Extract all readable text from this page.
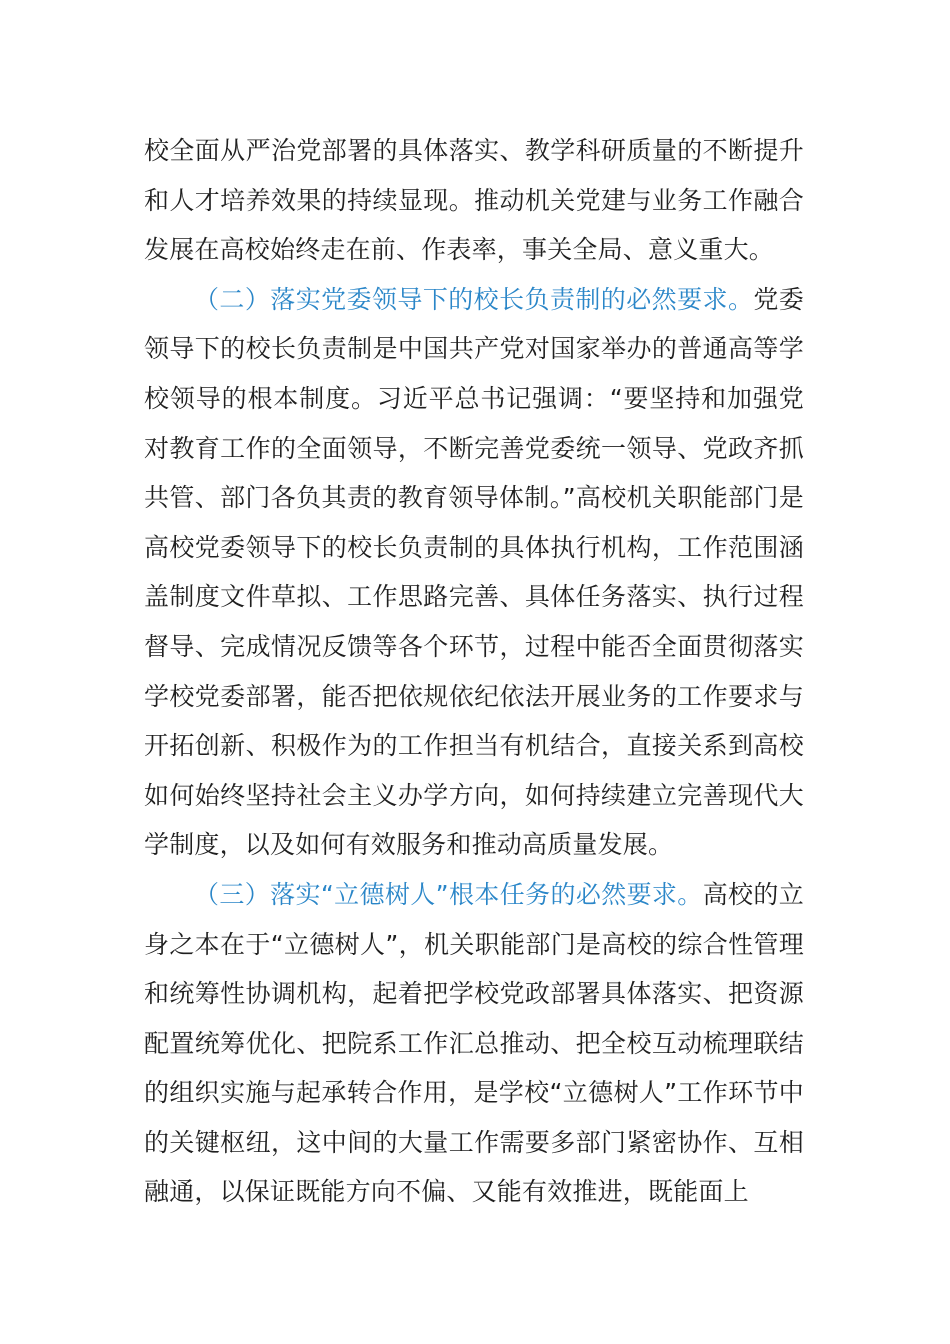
校全面从严治党部署的具体落实、教学科研质量的不断提升和人才培养效果的持续显现。推动机关党建与业务工作融合发展在高校始终走在前、作表率，事关全局、意义重大。

（二）落实党委领导下的校长负责制的必然要求。党委领导下的校长负责制是中国共产党对国家举办的普通高等学校领导的根本制度。习近平总书记强调：“要坚持和加强党对教育工作的全面领导，不断完善党委统一领导、党政齐抓共管、部门各负其责的教育领导体制。”高校机关职能部门是高校党委领导下的校长负责制的具体执行机构，工作范围涵盖制度文件草拟、工作思路完善、具体任务落实、执行过程督导、完成情况反馈等各个环节，过程中能否全面贯彻落实学校党委部署，能否把依规依纪依法开展业务的工作要求与开拓创新、积极作为的工作担当有机结合，直接关系到高校如何始终坚持社会主义办学方向，如何持续建立完善现代大学制度，以及如何有效服务和推动高质量发展。

（三）落实“立德树人”根本任务的必然要求。高校的立身之本在于“立德树人”，机关职能部门是高校的综合性管理和统筹性协调机构，起着把学校党政部署具体落实、把资源配置统筹优化、把院系工作汇总推动、把全校互动梳理联结的组织实施与起承转合作用，是学校“立德树人”工作环节中的关键枢纽，这中间的大量工作需要多部门紧密协作、互相融通，以保证既能方向不偏、又能有效推进，既能面上
